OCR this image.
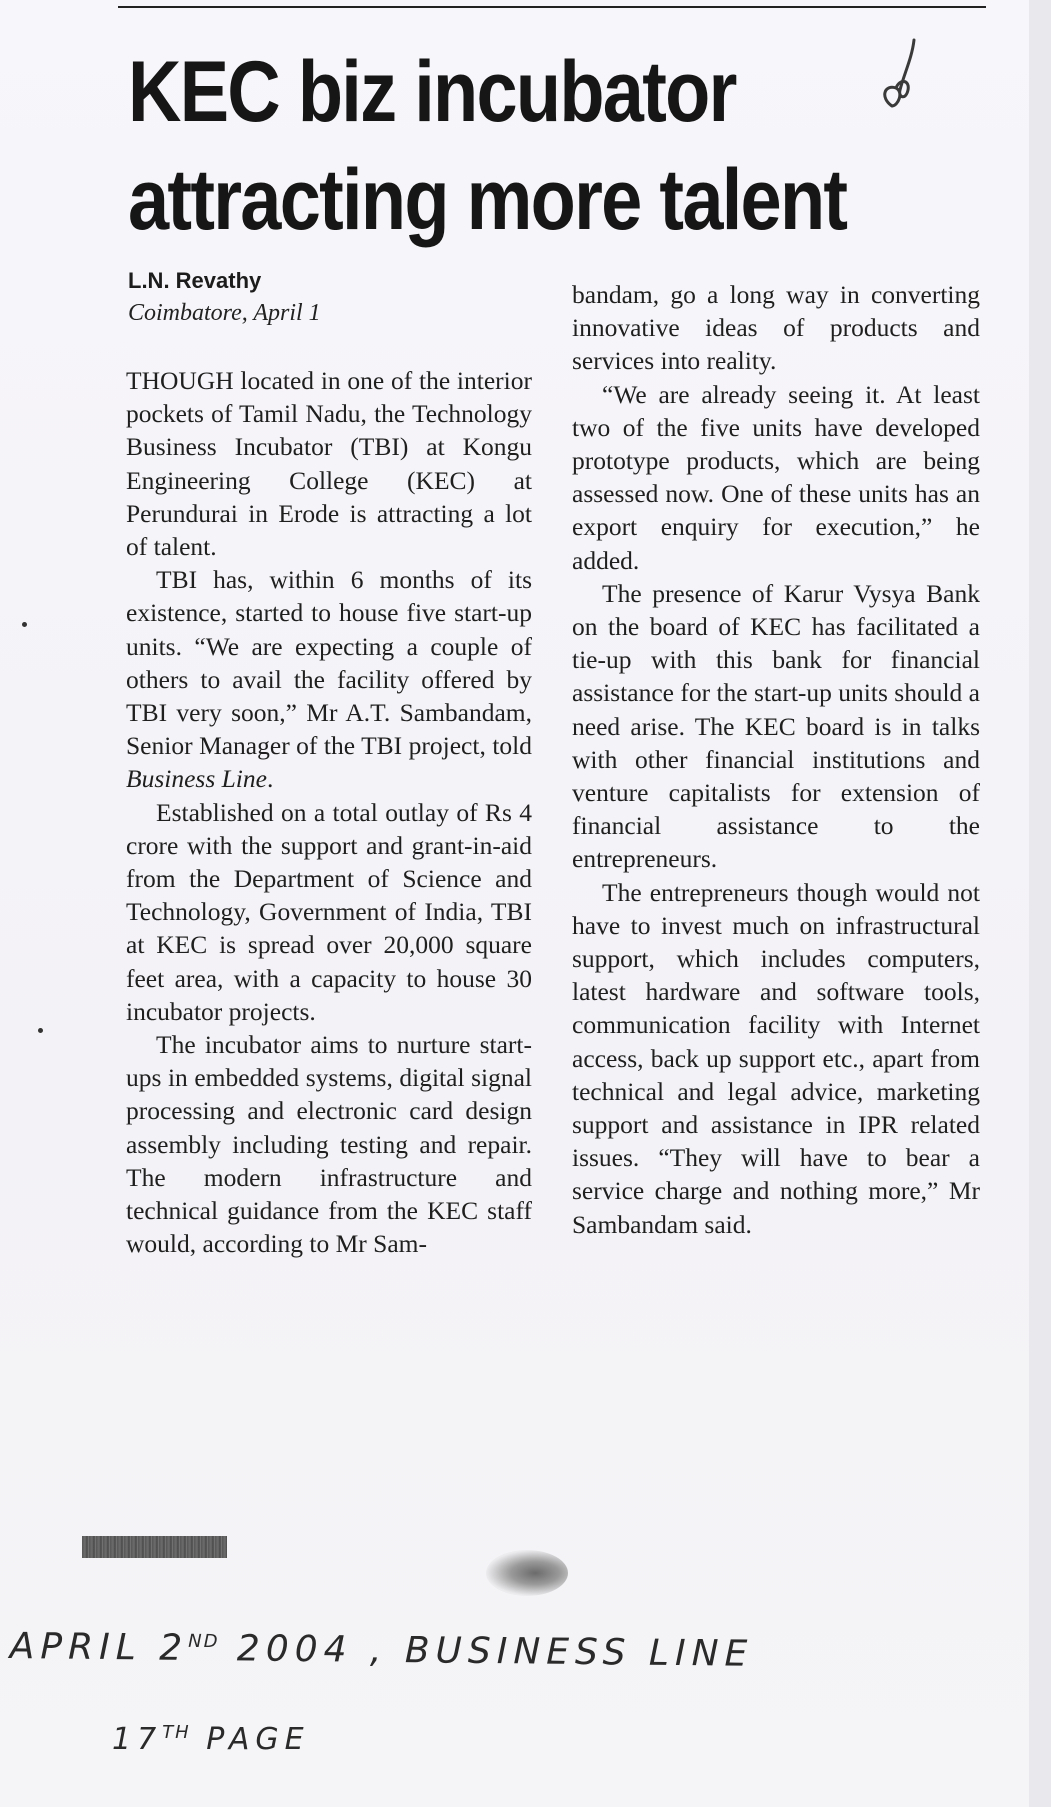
KEC biz incubator
attracting more talent
L.N. Revathy
Coimbatore, April 1

THOUGH located in one of the interior pockets of Tamil Nadu, the Technology Business Incubator (TBI) at Kongu Engineering College (KEC) at Perundurai in Erode is attracting a lot of talent.

TBI has, within 6 months of its existence, started to house five start-up units. “We are expecting a couple of others to avail the facility offered by TBI very soon,” Mr A.T. Sambandam, Senior Manager of the TBI project, told Business Line.

Established on a total outlay of Rs 4 crore with the support and grant-in-aid from the Department of Science and Technology, Government of India, TBI at KEC is spread over 20,000 square feet area, with a capacity to house 30 incubator projects.

The incubator aims to nurture start-ups in embedded systems, digital signal processing and electronic card design assembly including testing and repair. The modern infrastructure and technical guidance from the KEC staff would, according to Mr Sam-

bandam, go a long way in converting innovative ideas of products and services into reality.

“We are already seeing it. At least two of the five units have developed prototype products, which are being assessed now. One of these units has an export enquiry for execution,” he added.

The presence of Karur Vysya Bank on the board of KEC has facilitated a tie-up with this bank for financial assistance for the start-up units should a need arise. The KEC board is in talks with other financial institutions and venture capitalists for extension of financial assistance to the entrepreneurs.

The entrepreneurs though would not have to invest much on infrastructural support, which includes computers, latest hardware and software tools, communication facility with Internet access, back up support etc., apart from technical and legal advice, marketing support and assistance in IPR related issues. “They will have to bear a service charge and nothing more,” Mr Sambandam said.

APRIL 2ND 2004 , BUSINESS LINE
17TH PAGE
